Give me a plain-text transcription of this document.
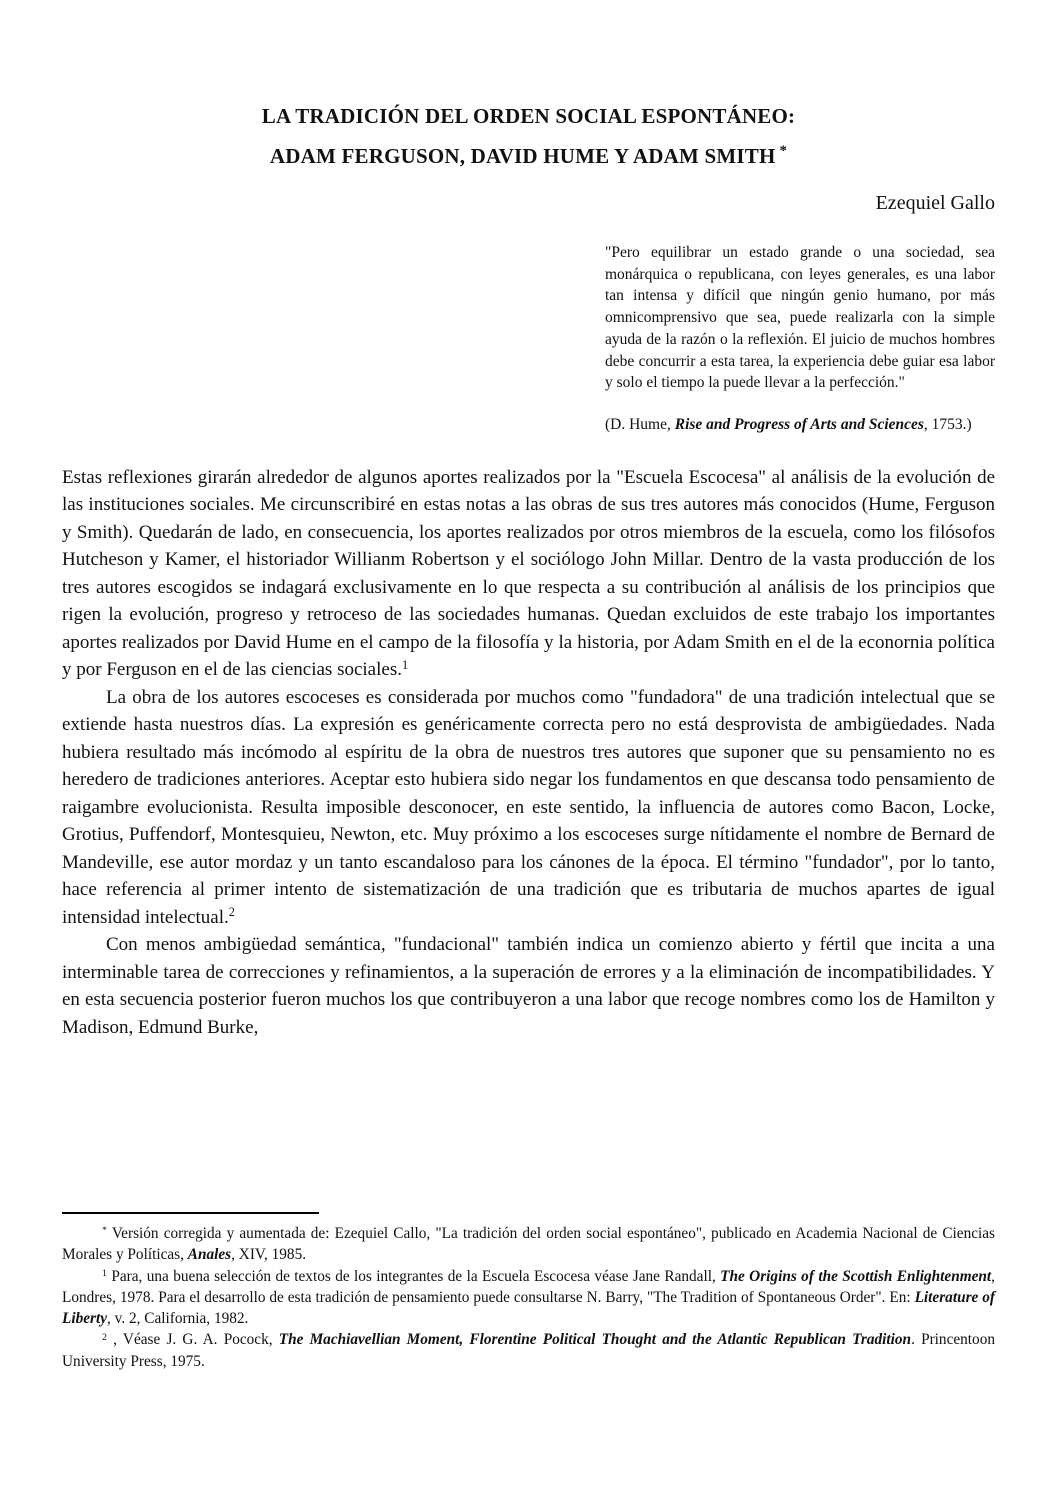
LA TRADICIÓN DEL ORDEN SOCIAL ESPONTÁNEO:
ADAM FERGUSON, DAVID HUME Y ADAM SMITH *
Ezequiel Gallo

"Pero equilibrar un estado grande o una sociedad, sea monárquica o republicana, con leyes generales, es una labor tan intensa y difícil que ningún genio humano, por más omnicomprensivo que sea, puede realizarla con la simple ayuda de la razón o la reflexión. El juicio de muchos hombres debe concurrir a esta tarea, la experiencia debe guiar esa labor y solo el tiempo la puede llevar a la perfección."

(D. Hume, Rise and Progress of Arts and Sciences, 1753.)

Estas reflexiones girarán alrededor de algunos aportes realizados por la "Escuela Escocesa" al análisis de la evolución de las instituciones sociales. Me circunscribiré en estas notas a las obras de sus tres autores más conocidos (Hume, Ferguson y Smith). Quedarán de lado, en consecuencia, los aportes realizados por otros miembros de la escuela, como los filósofos Hutcheson y Kamer, el historiador Willianm Robertson y el sociólogo John Millar. Dentro de la vasta producción de los tres autores escogidos se indagará exclusivamente en lo que respecta a su contribución al análisis de los principios que rigen la evolución, progreso y retroceso de las sociedades humanas. Quedan excluidos de este trabajo los importantes aportes realizados por David Hume en el campo de la filosofía y la historia, por Adam Smith en el de la econornia política y por Ferguson en el de las ciencias sociales.$^1$

La obra de los autores escoceses es considerada por muchos como "fundadora" de una tradición intelectual que se extiende hasta nuestros días. La expresión es genéricamente correcta pero no está desprovista de ambigüedades. Nada hubiera resultado más incómodo al espíritu de la obra de nuestros tres autores que suponer que su pensamiento no es heredero de tradiciones anteriores. Aceptar esto hubiera sido negar los fundamentos en que descansa todo pensamiento de raigambre evolucionista. Resulta imposible desconocer, en este sentido, la influencia de autores como Bacon, Locke, Grotius, Puffendorf, Montesquieu, Newton, etc. Muy próximo a los escoceses surge nítidamente el nombre de Bernard de Mandeville, ese autor mordaz y un tanto escandaloso para los cánones de la época. El término "fundador", por lo tanto, hace referencia al primer intento de sistematización de una tradición que es tributaria de muchos apartes de igual intensidad intelectual.$^2$

Con menos ambigüedad semántica, "fundacional" también indica un comienzo abierto y fértil que incita a una interminable tarea de correcciones y refinamientos, a la superación de errores y a la eliminación de incompatibilidades. Y en esta secuencia posterior fueron muchos los que contribuyeron a una labor que recoge nombres como los de Hamilton y Madison, Edmund Burke,

* Versión corregida y aumentada de: Ezequiel Callo, "La tradición del orden social espontáneo", publicado en Academia Nacional de Ciencias Morales y Políticas, Anales, XIV, 1985.

$^1$ Para, una buena selección de textos de los integrantes de la Escuela Escocesa véase Jane Randall, The Origins of the Scottish Enlightenment, Londres, 1978. Para el desarrollo de esta tradición de pensamiento puede consultarse N. Barry, "The Tradition of Spontaneous Order". En: Literature of Liberty, v. 2, California, 1982.

$^2$ , Véase J. G. A. Pocock, The Machiavellian Moment, Florentine Political Thought and the Atlantic Republican Tradition. Princentoon University Press, 1975.
